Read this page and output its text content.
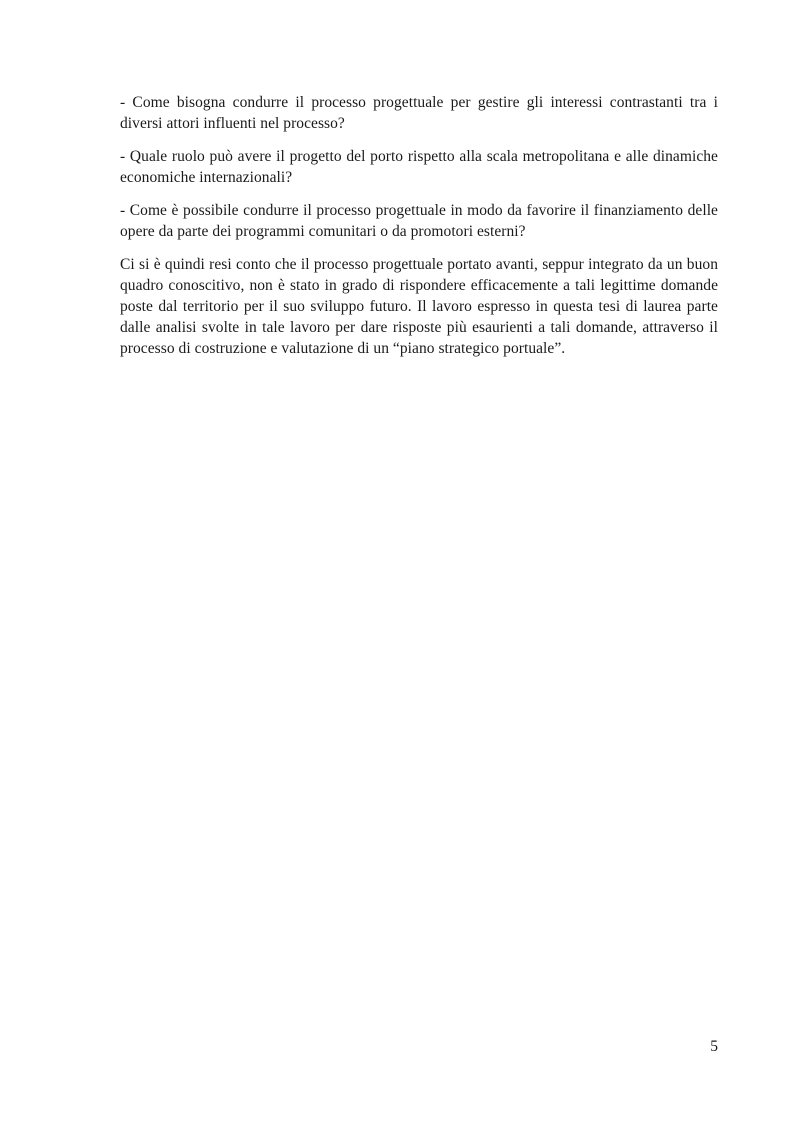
- Come bisogna condurre il processo progettuale per gestire gli interessi contrastanti tra i diversi attori influenti nel processo?

- Quale ruolo può avere il progetto del porto rispetto alla scala metropolitana e alle dinamiche economiche internazionali?

- Come è possibile condurre il processo progettuale in modo da favorire il finanziamento delle opere da parte dei programmi comunitari o da promotori esterni?

Ci si è quindi resi conto che il processo progettuale portato avanti, seppur integrato da un buon quadro conoscitivo, non è stato in grado di rispondere efficacemente a tali legittime domande poste dal territorio per il suo sviluppo futuro. Il lavoro espresso in questa tesi di laurea parte dalle analisi svolte in tale lavoro per dare risposte più esaurienti a tali domande, attraverso il processo di costruzione e valutazione di un “piano strategico portuale”.

5
